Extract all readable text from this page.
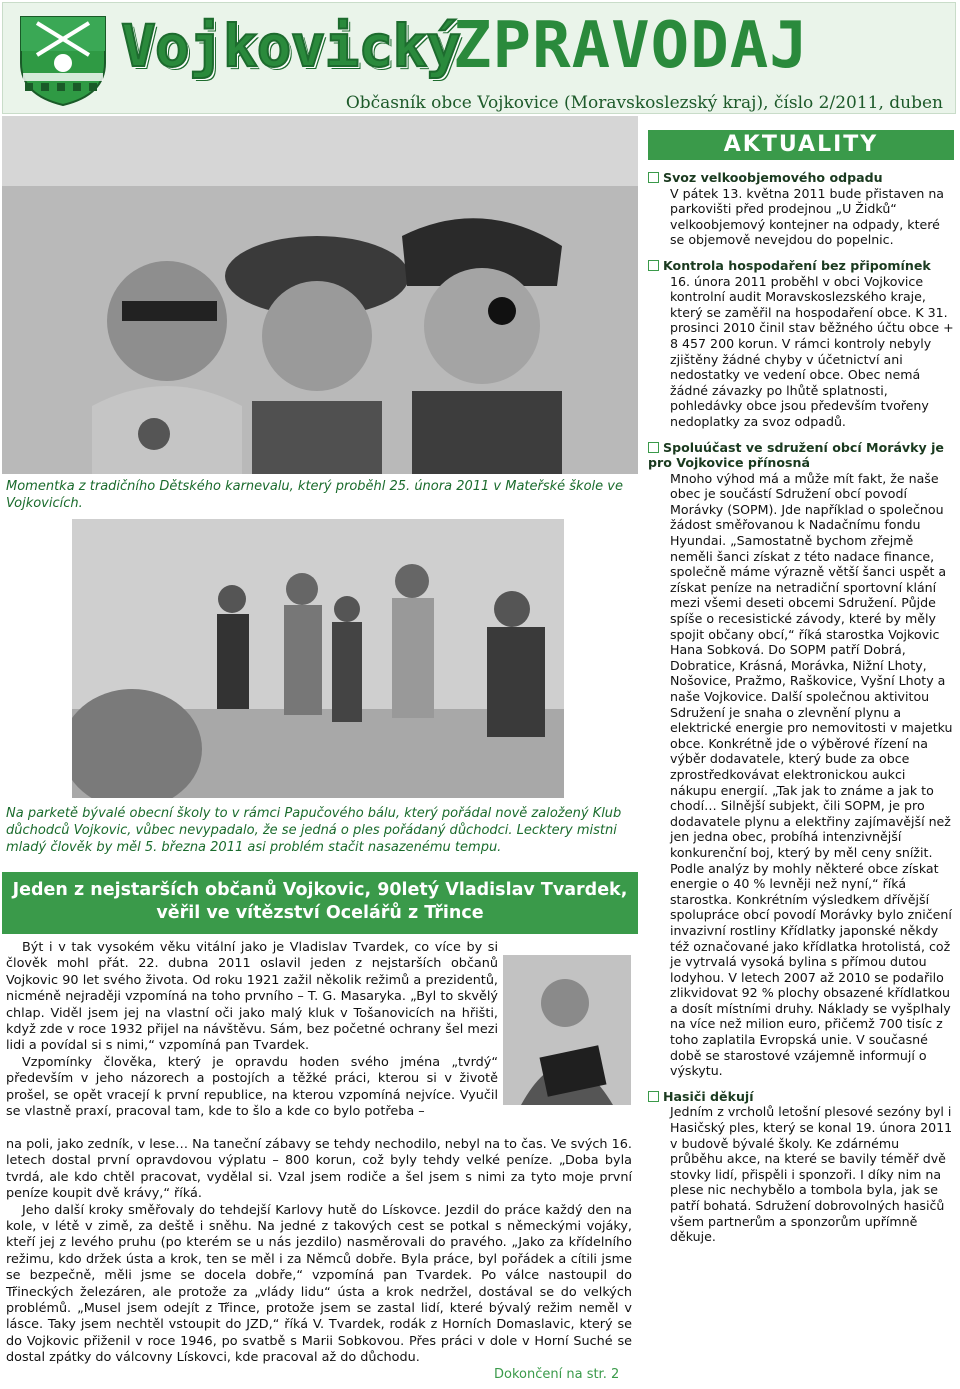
Vojkovický
ZPRAVODAJ
Občasník obce Vojkovice (Moravskoslezský kraj), číslo 2/2011, duben
Momentka z tradičního Dětského karnevalu, který proběhl 25. února 2011 v Mateřské škole ve Vojkovicích.
Na parketě bývalé obecní školy to v rámci Papučového bálu, který pořádal nově založený Klub důchodců Vojkovic, vůbec nevypadalo, že se jedná o ples pořádaný důchodci. Lecktery mistni mladý člověk by měl 5. března 2011 asi problém stačit nasazenému tempu.
Jeden z nejstarších občanů Vojkovic, 90letý Vladislav Tvardek,
věřil ve vítězství Ocelářů z Třince

Být i v tak vysokém věku vitální jako je Vladislav Tvardek, co více by si člověk mohl přát. 22. dubna 2011 oslavil jeden z nejstarších občanů Vojkovic 90 let svého života. Od roku 1921 zažil několik režimů a prezidentů, nicméně nejraději vzpomíná na toho prvního – T. G. Masaryka. „Byl to skvělý chlap. Viděl jsem jej na vlastní oči jako malý kluk v Tošanovicích na hřišti, když zde v roce 1932 přijel na návštěvu. Sám, bez početné ochrany šel mezi lidi a povídal si s nimi,“ vzpomíná pan Tvardek.

Vzpomínky člověka, který je opravdu hoden svého jména „tvrdý“ především v jeho názorech a postojích a těžké práci, kterou si v životě prošel, se opět vracejí k první republice, na kterou vzpomíná nejvíce. Vyučil se vlastně praxí, pracoval tam, kde to šlo a kde co bylo potřeba –

na poli, jako zedník, v lese… Na taneční zábavy se tehdy nechodilo, nebyl na to čas. Ve svých 16. letech dostal první opravdovou výplatu – 800 korun, což byly tehdy velké peníze. „Doba byla tvrdá, ale kdo chtěl pracovat, vydělal si. Vzal jsem rodiče a šel jsem s nimi za tyto moje první peníze koupit dvě krávy,“ říká.

Jeho další kroky směřovaly do tehdejší Karlovy hutě do Lískovce. Jezdil do práce každý den na kole, v létě v zimě, za deště i sněhu. Na jedné z takových cest se potkal s německými vojáky, kteří jej z levého pruhu (po kterém se u nás jezdilo) nasměrovali do pravého. „Jako za křídelního režimu, kdo držek ústa a krok, ten se měl i za Němců dobře. Byla práce, byl pořádek a cítili jsme se bezpečně, měli jsme se docela dobře,“ vzpomíná pan Tvardek. Po válce nastoupil do Třineckých železáren, ale protože za „vlády lidu“ ústa a krok nedržel, dostával se do velkých problémů. „Musel jsem odejít z Třince, protože jsem se zastal lidí, které bývalý režim neměl v lásce. Taky jsem nechtěl vstoupit do JZD,“ říká V. Tvardek, rodák z Horních Domaslavic, který se do Vojkovic přiženil v roce 1946, po svatbě s Marii Sobkovou. Přes práci v dole v Horní Suché se dostal zpátky do válcovny Lískovci, kde pracoval až do důchodu.

Dokončení na str. 2
AKTUALITY
Svoz velkoobjemového odpadu

V pátek 13. května 2011 bude přistaven na parkovišti před prodejnou „U Židků“ velkoobjemový kontejner na odpady, které se objemově nevejdou do popelnic.

Kontrola hospodaření bez připomínek

16. února 2011 proběhl v obci Vojkovice kontrolní audit Moravskoslezského kraje, který se zaměřil na hospodaření obce. K 31. prosinci 2010 činil stav běžného účtu obce + 8 457 200 korun. V rámci kontroly nebyly zjištěny žádné chyby v účetnictví ani nedostatky ve vedení obce. Obec nemá žádné závazky po lhůtě splatnosti, pohledávky obce jsou především tvořeny nedoplatky za svoz odpadů.

Spoluúčast ve sdružení obcí Morávky je pro Vojkovice přínosná

Mnoho výhod má a může mít fakt, že naše obec je součástí Sdružení obcí povodí Morávky (SOPM). Jde například o společnou žádost směřovanou k Nadačnímu fondu Hyundai. „Samostatně bychom zřejmě neměli šanci získat z této nadace finance, společně máme výrazně větší šanci uspět a získat peníze na netradiční sportovní klání mezi všemi deseti obcemi Sdružení. Půjde spíše o recesistické závody, které by měly spojit občany obcí,“ říká starostka Vojkovic Hana Sobková. Do SOPM patří Dobrá, Dobratice, Krásná, Morávka, Nižní Lhoty, Nošovice, Pražmo, Raškovice, Vyšní Lhoty a naše Vojkovice. Další společnou aktivitou Sdružení je snaha o zlevnění plynu a elektrické energie pro nemovitosti v majetku obce. Konkrétně jde o výběrové řízení na výběr dodavatele, který bude za obce zprostředkovávat elektronickou aukci nákupu energií. „Tak jak to známe a jak to chodí… Silnější subjekt, čili SOPM, je pro dodavatele plynu a elektřiny zajímavější než jen jedna obec, probíhá intenzivnější konkurenční boj, který by měl ceny snížit. Podle analýz by mohly některé obce získat energie o 40 % levněji než nyní,“ říká starostka. Konkrétním výsledkem dřívější spolupráce obcí povodí Morávky bylo zničení invazivní rostliny Křídlatky japonské někdy též označované jako křídlatka hrotolistá, což je vytrvalá vysoká bylina s přímou dutou lodyhou. V letech 2007 až 2010 se podařilo zlikvidovat 92 % plochy obsazené křídlatkou a dosít místními druhy. Náklady se vyšplhaly na více než milion euro, přičemž 700 tisíc z toho zaplatila Evropská unie. V současné době se starostové vzájemně informují o výskytu.

Hasiči děkují

Jedním z vrcholů letošní plesové sezóny byl i Hasičský ples, který se konal 19. února 2011 v budově bývalé školy. Ke zdárnému průběhu akce, na které se bavily téměř dvě stovky lidí, přispěli i sponzoři. I díky nim na plese nic nechybělo a tombola byla, jak se patří bohatá. Sdružení dobrovolných hasičů všem partnerům a sponzorům upřímně děkuje.
